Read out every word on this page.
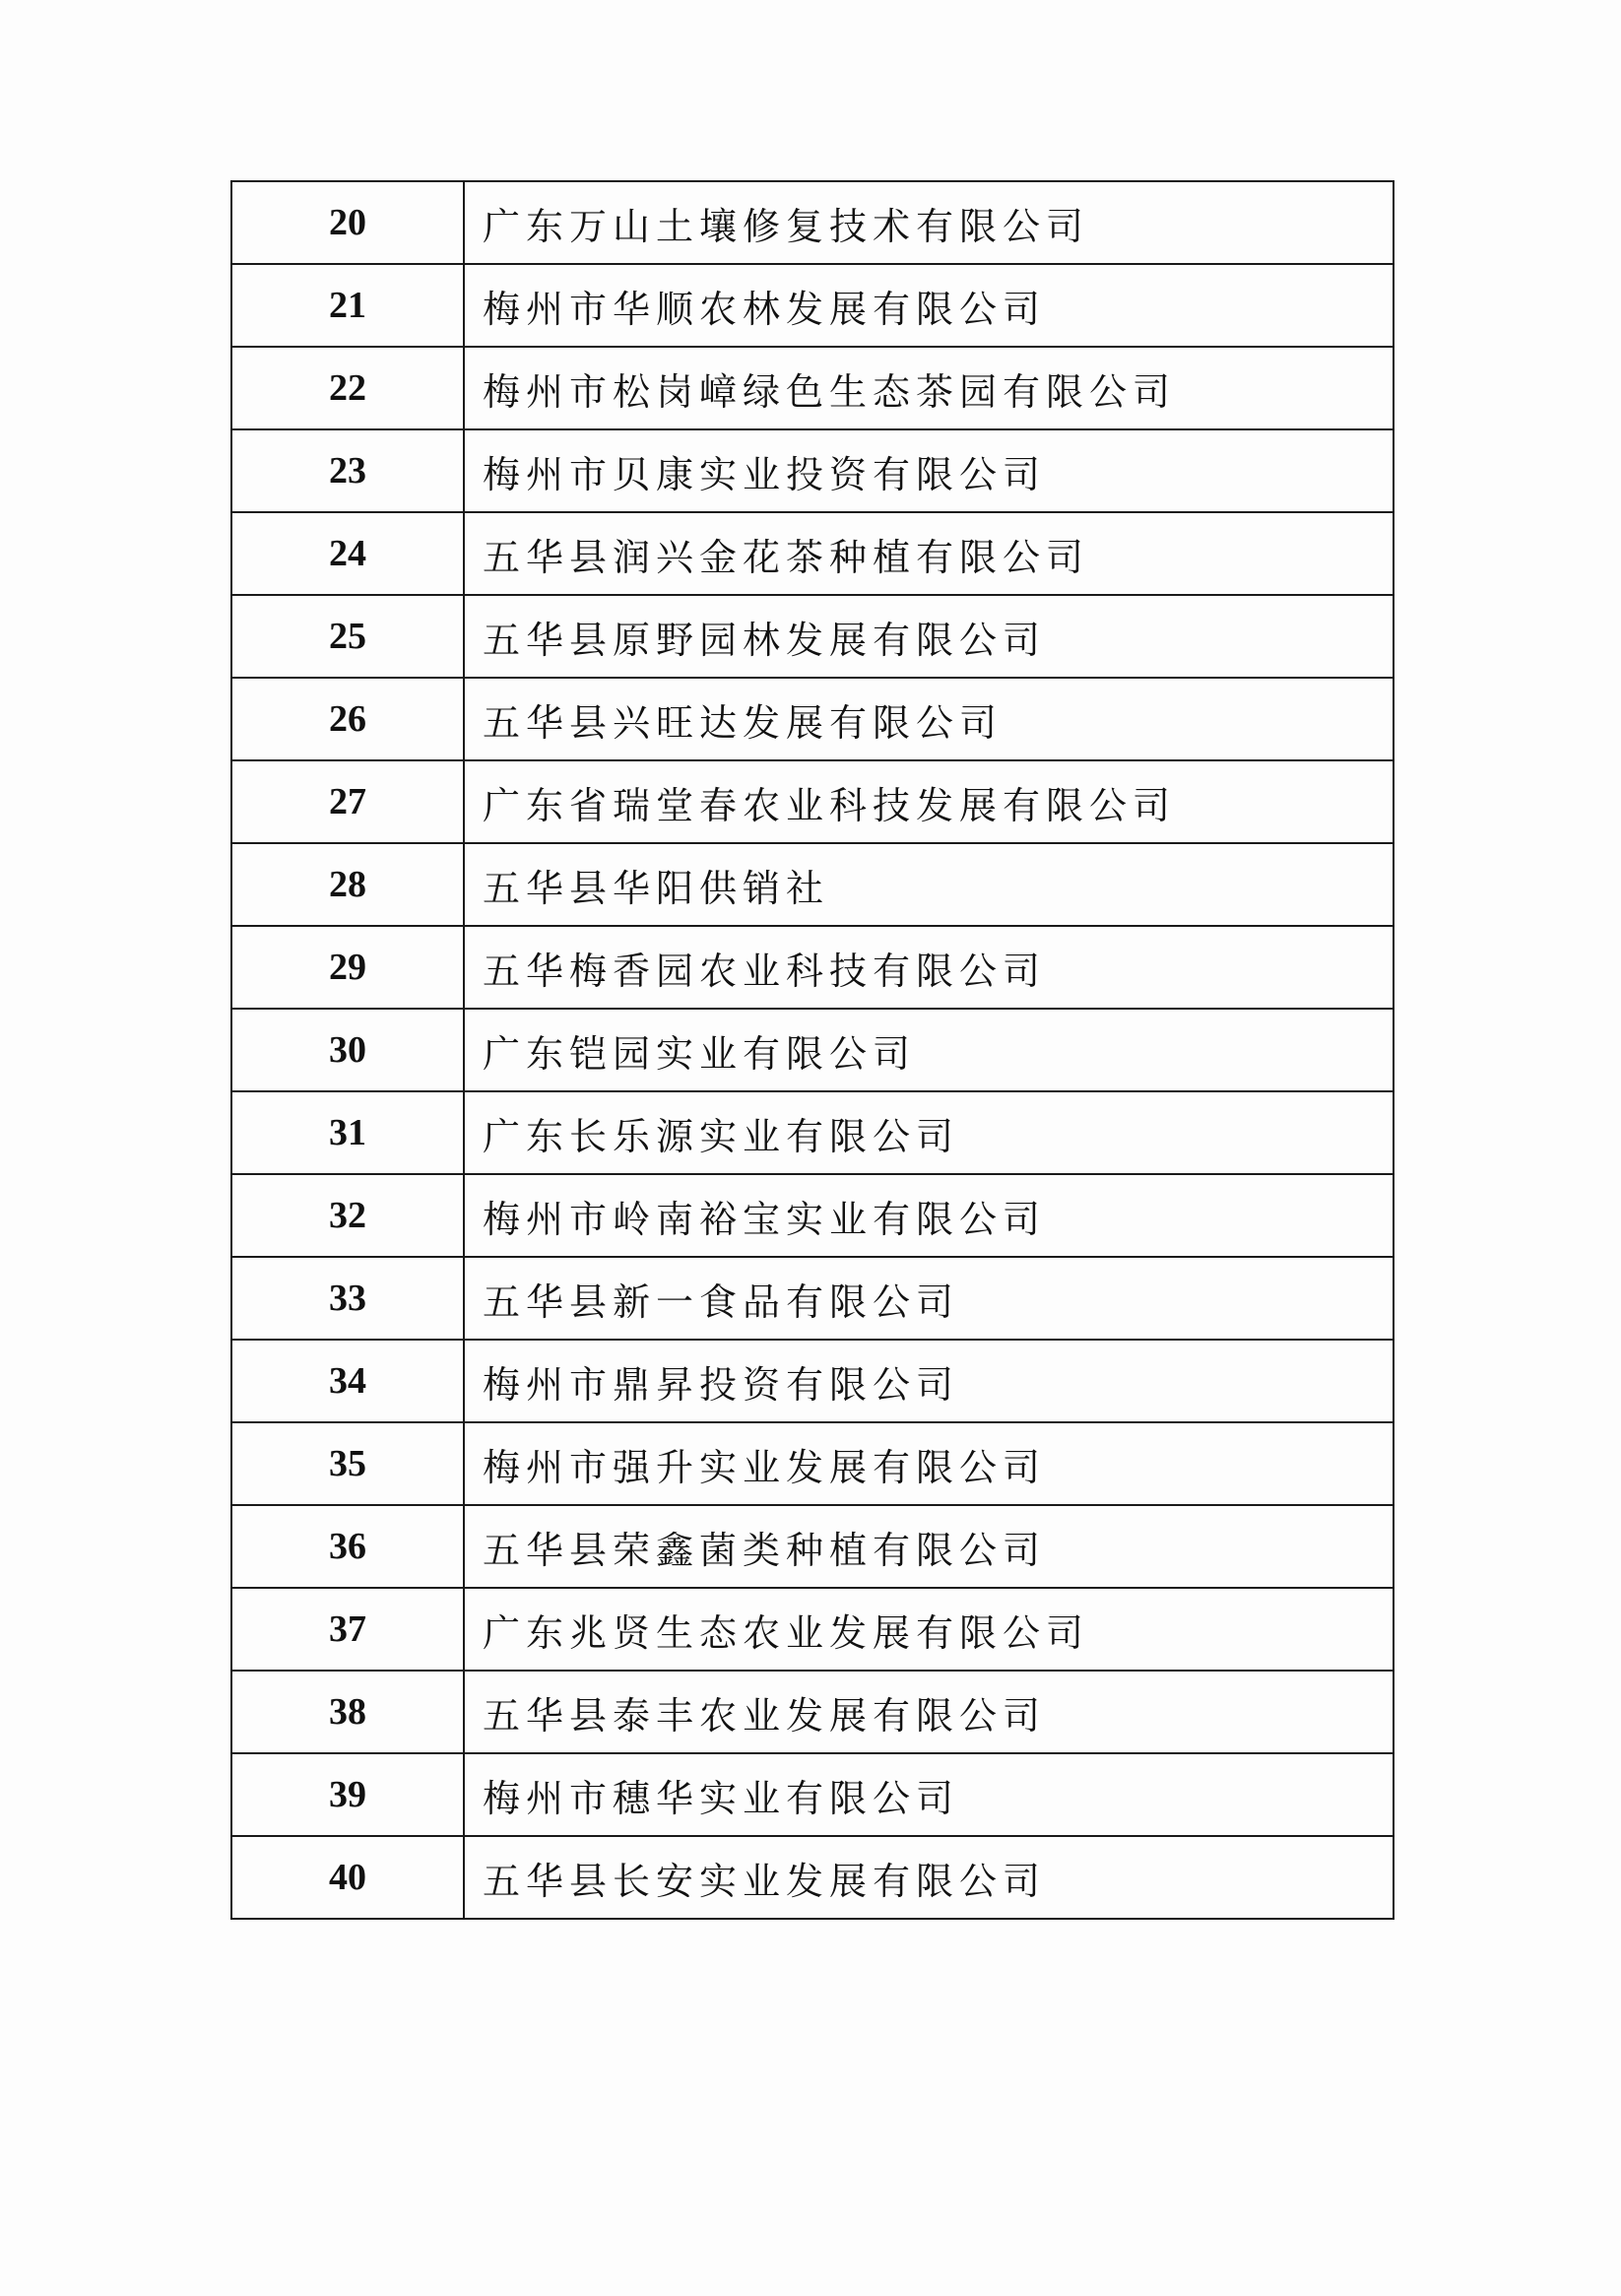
20	广东万山土壤修复技术有限公司
21	梅州市华顺农林发展有限公司
22	梅州市松岗嶂绿色生态茶园有限公司
23	梅州市贝康实业投资有限公司
24	五华县润兴金花茶种植有限公司
25	五华县原野园林发展有限公司
26	五华县兴旺达发展有限公司
27	广东省瑞堂春农业科技发展有限公司
28	五华县华阳供销社
29	五华梅香园农业科技有限公司
30	广东铠园实业有限公司
31	广东长乐源实业有限公司
32	梅州市岭南裕宝实业有限公司
33	五华县新一食品有限公司
34	梅州市鼎昇投资有限公司
35	梅州市强升实业发展有限公司
36	五华县荣鑫菌类种植有限公司
37	广东兆贤生态农业发展有限公司
38	五华县泰丰农业发展有限公司
39	梅州市穗华实业有限公司
40	五华县长安实业发展有限公司
